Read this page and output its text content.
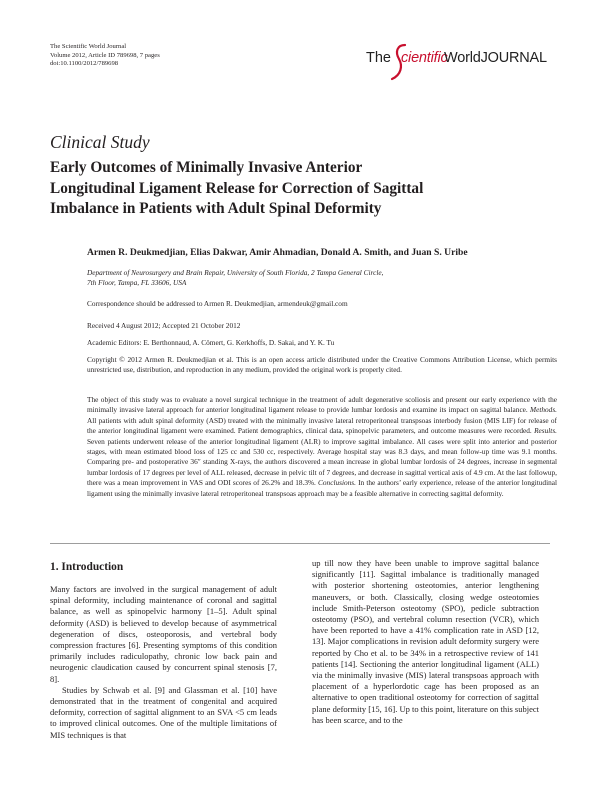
The Scientific World Journal
Volume 2012, Article ID 789698, 7 pages
doi:10.1100/2012/789698	The cientific
WorldJOURNAL
Clinical Study
Early Outcomes of Minimally Invasive Anterior
Longitudinal Ligament Release for Correction of Sagittal
Imbalance in Patients with Adult Spinal Deformity
Armen R. Deukmedjian, Elias Dakwar, Amir Ahmadian, Donald A. Smith, and Juan S. Uribe
Department of Neurosurgery and Brain Repair, University of South Florida, 2 Tampa General Circle,
7th Floor, Tampa, FL 33606, USA
Correspondence should be addressed to Armen R. Deukmedjian, armendeuk@gmail.com
Received 4 August 2012; Accepted 21 October 2012
Academic Editors: E. Berthonnaud, A. Cömert, G. Kerkhoffs, D. Sakai, and Y. K. Tu
Copyright © 2012 Armen R. Deukmedjian et al. This is an open access article distributed under the Creative Commons Attribution License, which permits unrestricted use, distribution, and reproduction in any medium, provided the original work is properly cited.
The object of this study was to evaluate a novel surgical technique in the treatment of adult degenerative scoliosis and present our early experience with the minimally invasive lateral approach for anterior longitudinal ligament release to provide lumbar lordosis and examine its impact on sagittal balance. Methods. All patients with adult spinal deformity (ASD) treated with the minimally invasive lateral retroperitoneal transpsoas interbody fusion (MIS LIF) for release of the anterior longitudinal ligament were examined. Patient demographics, clinical data, spinopelvic parameters, and outcome measures were recorded. Results. Seven patients underwent release of the anterior longitudinal ligament (ALR) to improve sagittal imbalance. All cases were split into anterior and posterior stages, with mean estimated blood loss of 125 cc and 530 cc, respectively. Average hospital stay was 8.3 days, and mean follow-up time was 9.1 months. Comparing pre- and postoperative 36″ standing X-rays, the authors discovered a mean increase in global lumbar lordosis of 24 degrees, increase in segmental lumbar lordosis of 17 degrees per level of ALL released, decrease in pelvic tilt of 7 degrees, and decrease in sagittal vertical axis of 4.9 cm. At the last followup, there was a mean improvement in VAS and ODI scores of 26.2% and 18.3%. Conclusions. In the authors’ early experience, release of the anterior longitudinal ligament using the minimally invasive lateral retroperitoneal transpsoas approach may be a feasible alternative in correcting sagittal deformity.
1. Introduction

Many factors are involved in the surgical management of adult spinal deformity, including maintenance of coronal and sagittal balance, as well as spinopelvic harmony [1–5]. Adult spinal deformity (ASD) is believed to develop because of asymmetrical degeneration of discs, osteoporosis, and vertebral body compression fractures [6]. Presenting symptoms of this condition primarily includes radiculopathy, chronic low back pain and neurogenic claudication caused by concurrent spinal stenosis [7, 8].

Studies by Schwab et al. [9] and Glassman et al. [10] have demonstrated that in the treatment of congenital and acquired deformity, correction of sagittal alignment to an SVA <5 cm leads to improved clinical outcomes. One of the multiple limitations of MIS techniques is that

up till now they have been unable to improve sagittal balance significantly [11]. Sagittal imbalance is traditionally managed with posterior shortening osteotomies, anterior lengthening maneuvers, or both. Classically, closing wedge osteotomies include Smith-Peterson osteotomy (SPO), pedicle subtraction osteotomy (PSO), and vertebral column resection (VCR), which have been reported to have a 41% complication rate in ASD [12, 13]. Major complications in revision adult deformity surgery were reported by Cho et al. to be 34% in a retrospective review of 141 patients [14]. Sectioning the anterior longitudinal ligament (ALL) via the minimally invasive (MIS) lateral transpsoas approach with placement of a hyperlordotic cage has been proposed as an alternative to open traditional osteotomy for correction of sagittal plane deformity [15, 16]. Up to this point, literature on this subject has been scarce, and to the
